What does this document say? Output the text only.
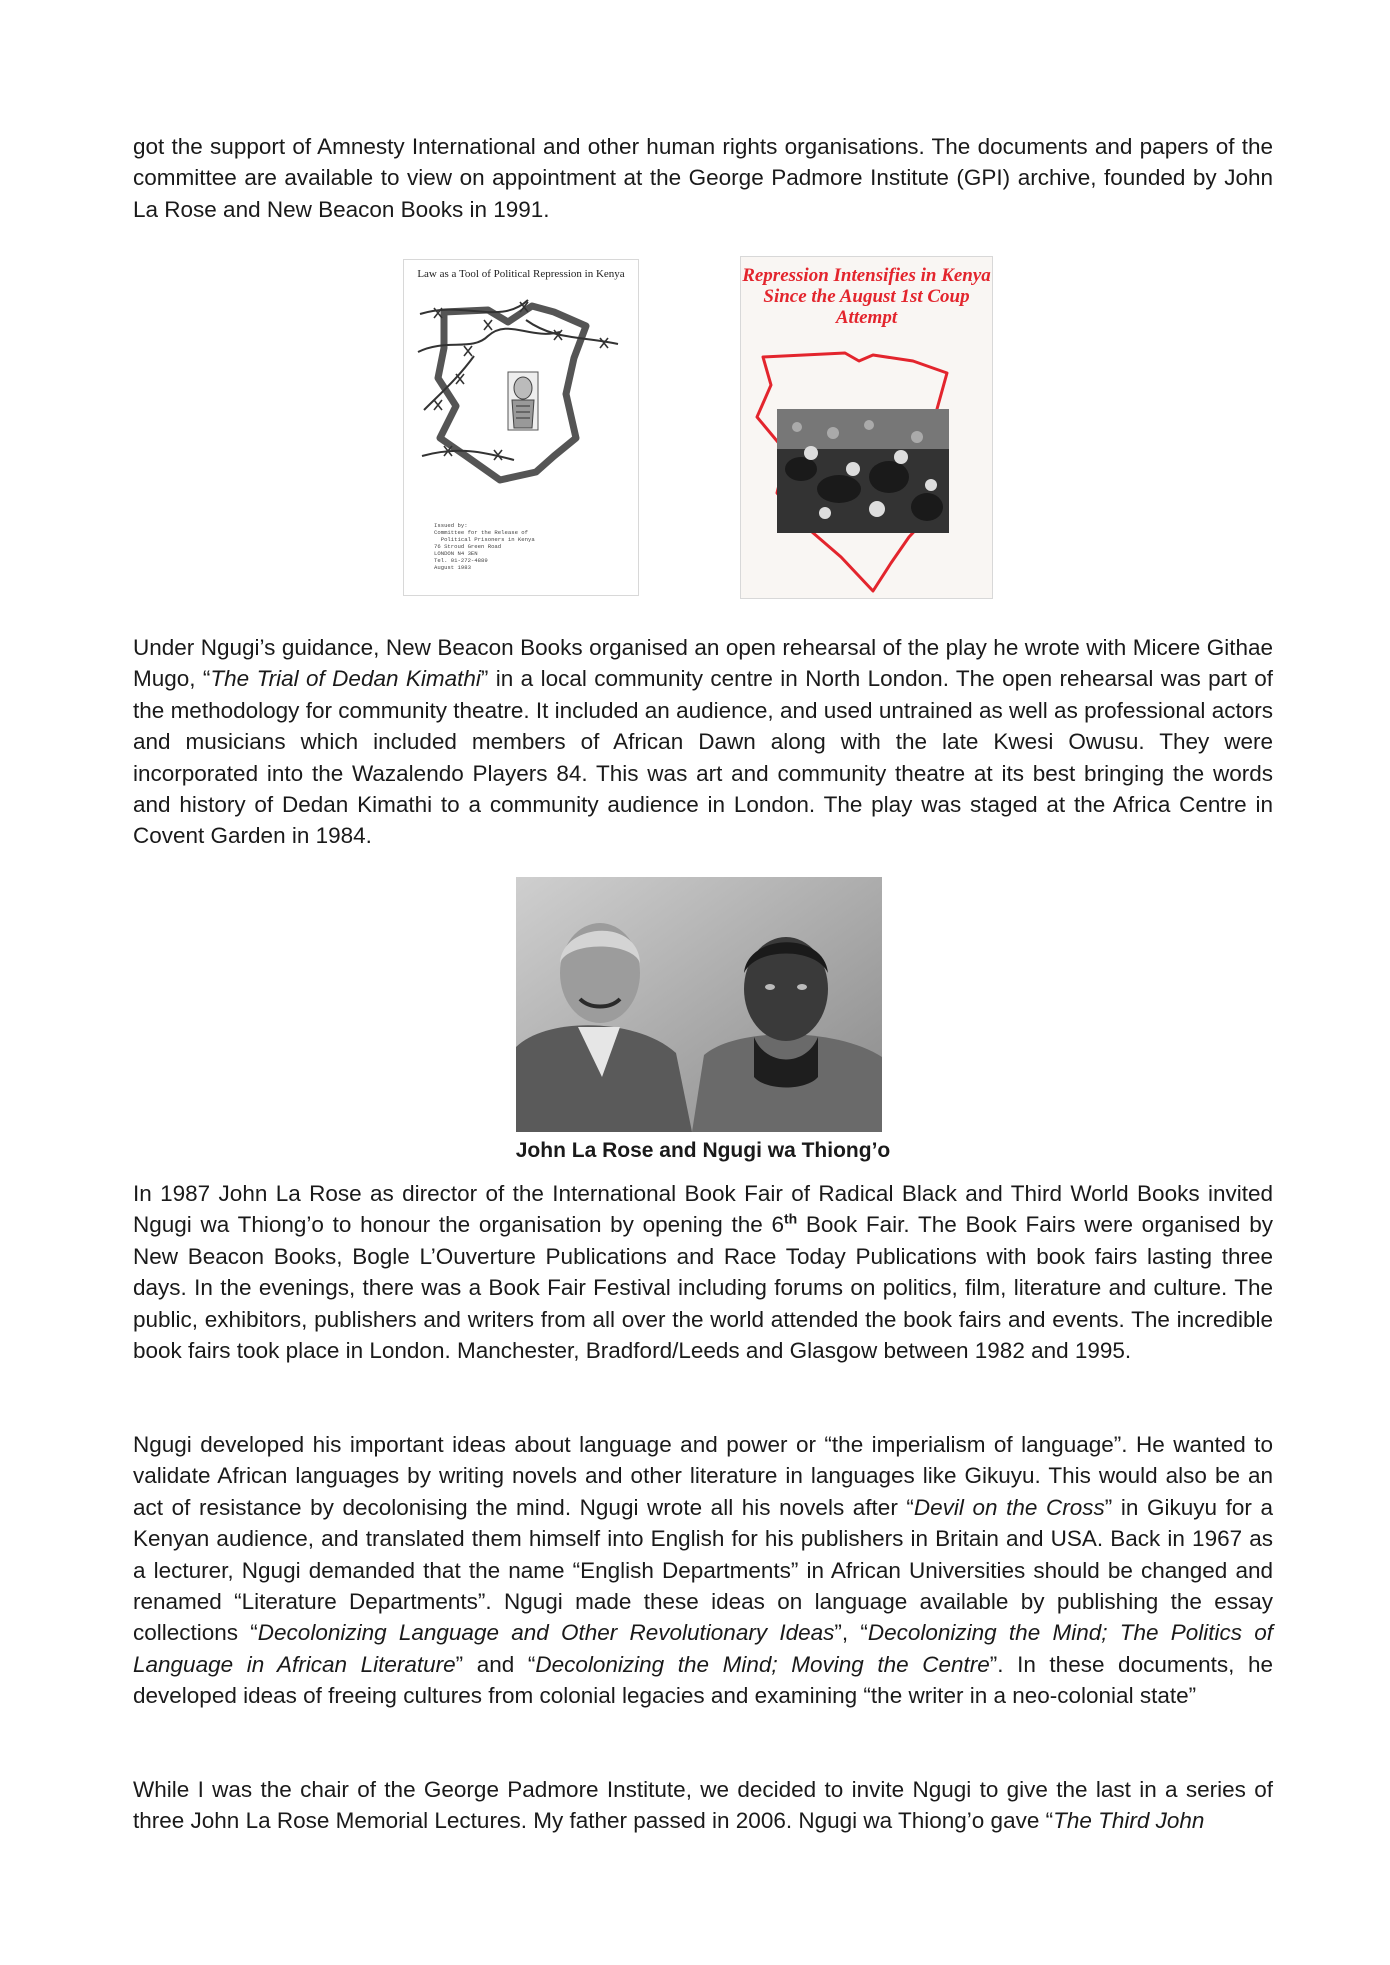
got the support of Amnesty International and other human rights organisations. The documents and papers of the committee are available to view on appointment at the George Padmore Institute (GPI) archive, founded by John La Rose and New Beacon Books in 1991.

Law as a Tool of Political Repression in Kenya
Issued by:
Committee for the Release of
Political Prisoners in Kenya
76 Stroud Green Road
LONDON N4 3EN
Tel. 01-272-4889
August 1983
Repression Intensifies in Kenya Since the August 1st Coup Attempt

Under Ngugi’s guidance, New Beacon Books organised an open rehearsal of the play he wrote with Micere Githae Mugo, “The Trial of Dedan Kimathi” in a local community centre in North London. The open rehearsal was part of the methodology for community theatre. It included an audience, and used untrained as well as professional actors and musicians which included members of African Dawn along with the late Kwesi Owusu. They were incorporated into the Wazalendo Players 84. This was art and community theatre at its best bringing the words and history of Dedan Kimathi to a community audience in London. The play was staged at the Africa Centre in Covent Garden in 1984.

John La Rose and Ngugi wa Thiong’o

In 1987 John La Rose as director of the International Book Fair of Radical Black and Third World Books invited Ngugi wa Thiong’o to honour the organisation by opening the 6th Book Fair. The Book Fairs were organised by New Beacon Books, Bogle L’Ouverture Publications and Race Today Publications with book fairs lasting three days. In the evenings, there was a Book Fair Festival including forums on politics, film, literature and culture. The public, exhibitors, publishers and writers from all over the world attended the book fairs and events. The incredible book fairs took place in London. Manchester, Bradford/Leeds and Glasgow between 1982 and 1995.

Ngugi developed his important ideas about language and power or “the imperialism of language”. He wanted to validate African languages by writing novels and other literature in languages like Gikuyu. This would also be an act of resistance by decolonising the mind. Ngugi wrote all his novels after “Devil on the Cross” in Gikuyu for a Kenyan audience, and translated them himself into English for his publishers in Britain and USA. Back in 1967 as a lecturer, Ngugi demanded that the name “English Departments” in African Universities should be changed and renamed “Literature Departments”. Ngugi made these ideas on language available by publishing the essay collections “Decolonizing Language and Other Revolutionary Ideas”, “Decolonizing the Mind; The Politics of Language in African Literature” and “Decolonizing the Mind; Moving the Centre”. In these documents, he developed ideas of freeing cultures from colonial legacies and examining “the writer in a neo-colonial state”

While I was the chair of the George Padmore Institute, we decided to invite Ngugi to give the last in a series of three John La Rose Memorial Lectures. My father passed in 2006. Ngugi wa Thiong’o gave “The Third John
